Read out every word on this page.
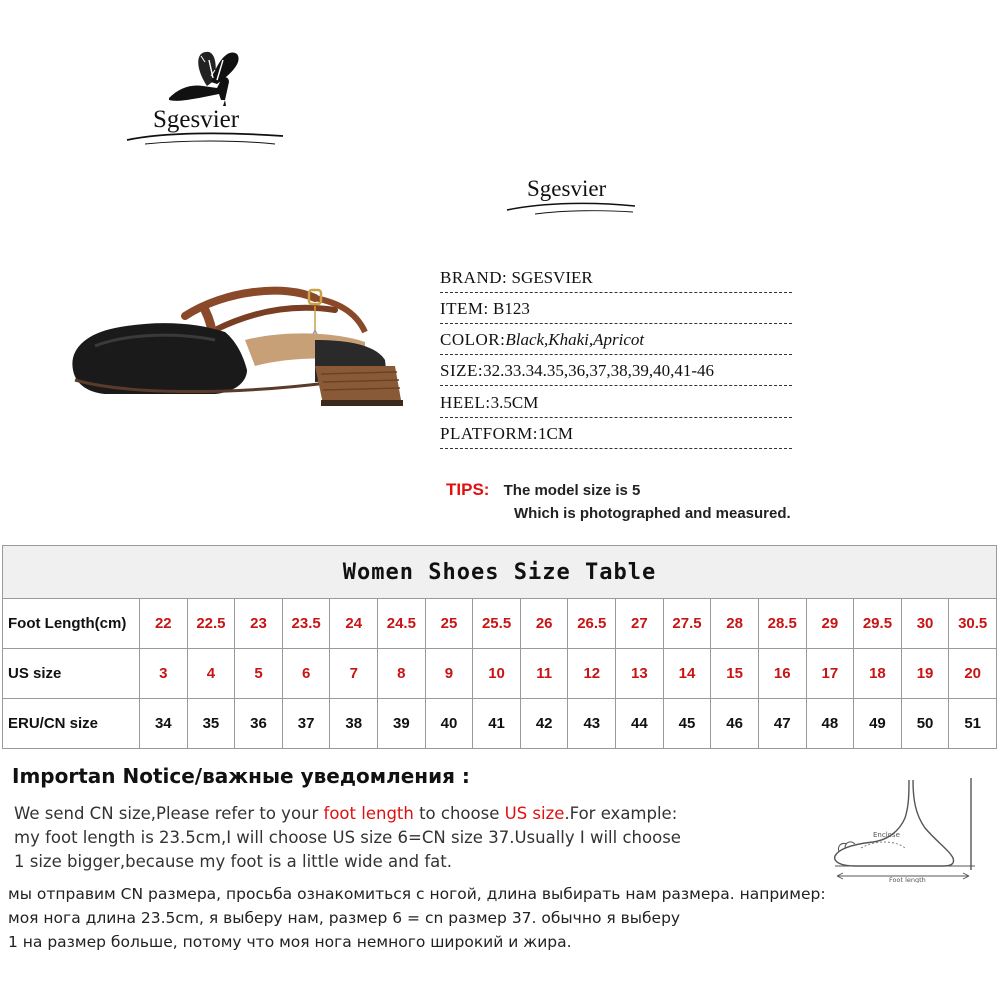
Sgesvier
Sgesvier
BRAND: SGESVIER
ITEM: B123
COLOR:Black,Khaki,Apricot
SIZE:32.33.34.35,36,37,38,39,40,41-46
HEEL:3.5CM
PLATFORM:1CM
TIPS: The model size is 5
Which is photographed and measured.
Women Shoes Size Table																		
Foot Length(cm)	22	22.5	23	23.5	24	24.5	25	25.5	26	26.5	27	27.5	28	28.5	29	29.5	30	30.5
US size	3	4	5	6	7	8	9	10	11	12	13	14	15	16	17	18	19	20
ERU/CN size	34	35	36	37	38	39	40	41	42	43	44	45	46	47	48	49	50	51
Importan Notice/важные уведомления :
We send CN size,Please refer to your foot length to choose US size.For example:
my foot length is 23.5cm,I will choose US size 6=CN size 37.Usually I will choose
1 size bigger,because my foot is a little wide and fat.
мы отправим CN размера, просьба ознакомиться с ногой, длина выбирать нам размера. например:
моя нога длина 23.5cm, я выберу нам, размер 6 = cn размер 37. обычно я выберу
1 на размер больше, потому что моя нога немного широкий и жира.
Enclose
Foot length
